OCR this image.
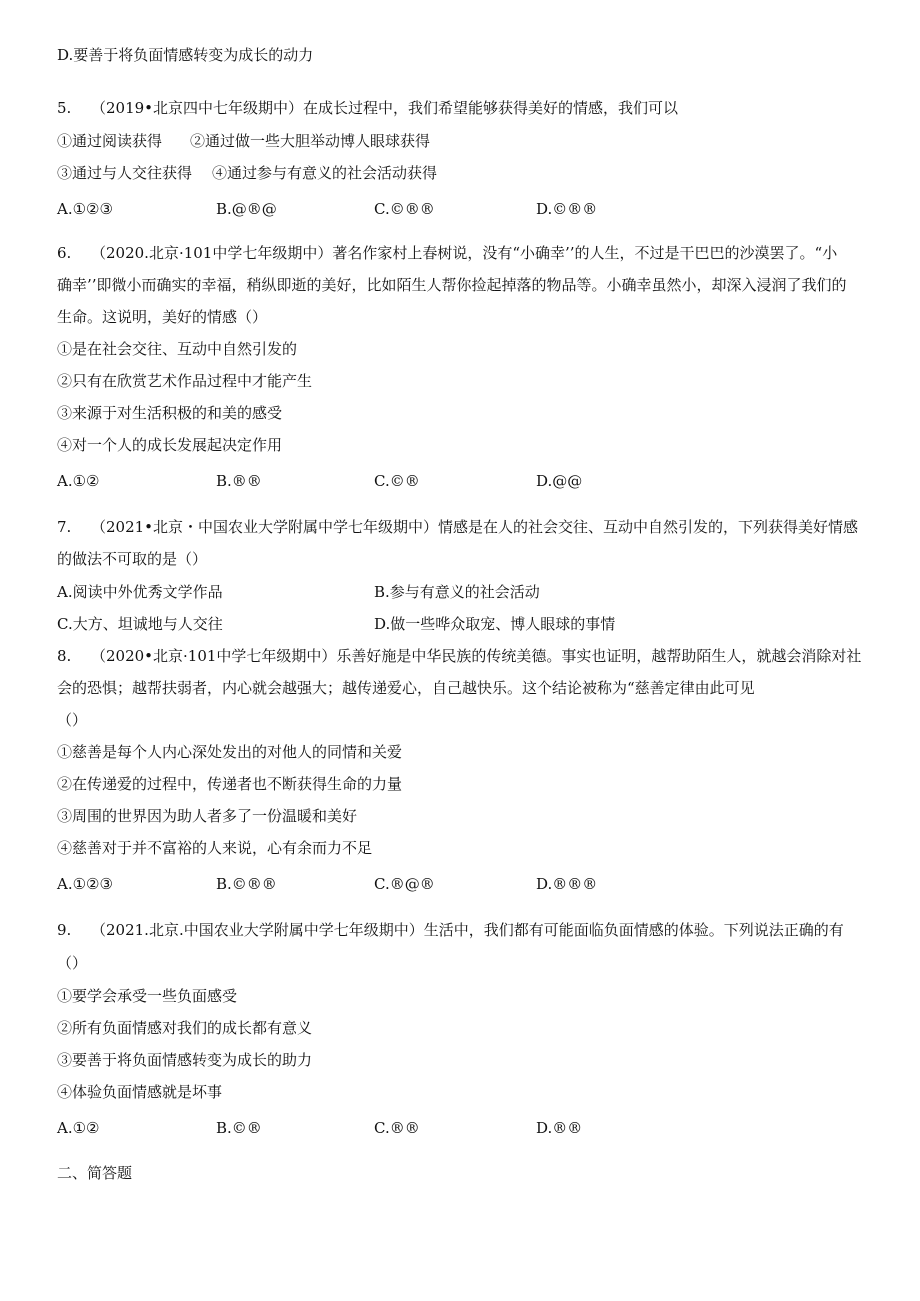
D.要善于将负面情感转变为成长的动力
5. （2019•北京四中七年级期中）在成长过程中，我们希望能够获得美好的情感，我们可以
①通过阅读获得 ②通过做一些大胆举动博人眼球获得
③通过与人交往获得 ④通过参与有意义的社会活动获得
A.①②③	B.@®@	C.©®®	D.©®®
6. （2020.北京·101中学七年级期中）著名作家村上春树说，没有“小确幸’’的人生，不过是干巴巴的沙漠罢了。“小
确幸’’即微小而确实的幸福，稍纵即逝的美好，比如陌生人帮你捡起掉落的物品等。小确幸虽然小，却深入浸润了我们的
生命。这说明，美好的情感（）
①是在社会交往、互动中自然引发的
②只有在欣赏艺术作品过程中才能产生
③来源于对生活积极的和美的感受
④对一个人的成长发展起决定作用
A.①②	B.®®	C.©®	D.@@
7. （2021•北京・中国农业大学附属中学七年级期中）情感是在人的社会交往、互动中自然引发的，下列获得美好情感
的做法不可取的是（）
A.阅读中外优秀文学作品	B.参与有意义的社会活动
C.大方、坦诚地与人交往	D.做一些哗众取宠、博人眼球的事情
8. （2020•北京·101中学七年级期中）乐善好施是中华民族的传统美德。事实也证明，越帮助陌生人，就越会消除对社
会的恐惧；越帮扶弱者，内心就会越强大；越传递爱心，自己越快乐。这个结论被称为“慈善定律由此可见
（）
①慈善是每个人内心深处发出的对他人的同情和关爱
②在传递爱的过程中，传递者也不断获得生命的力量
③周围的世界因为助人者多了一份温暖和美好
④慈善对于并不富裕的人来说，心有余而力不足
A.①②③	B.©®®	C.®@®	D.®®®
9. （2021.北京.中国农业大学附属中学七年级期中）生活中，我们都有可能面临负面情感的体验。下列说法正确的有
（）
①要学会承受一些负面感受
②所有负面情感对我们的成长都有意义
③要善于将负面情感转变为成长的助力
④体验负面情感就是坏事
A.①②	B.©®	C.®®	D.®®
二、简答题
